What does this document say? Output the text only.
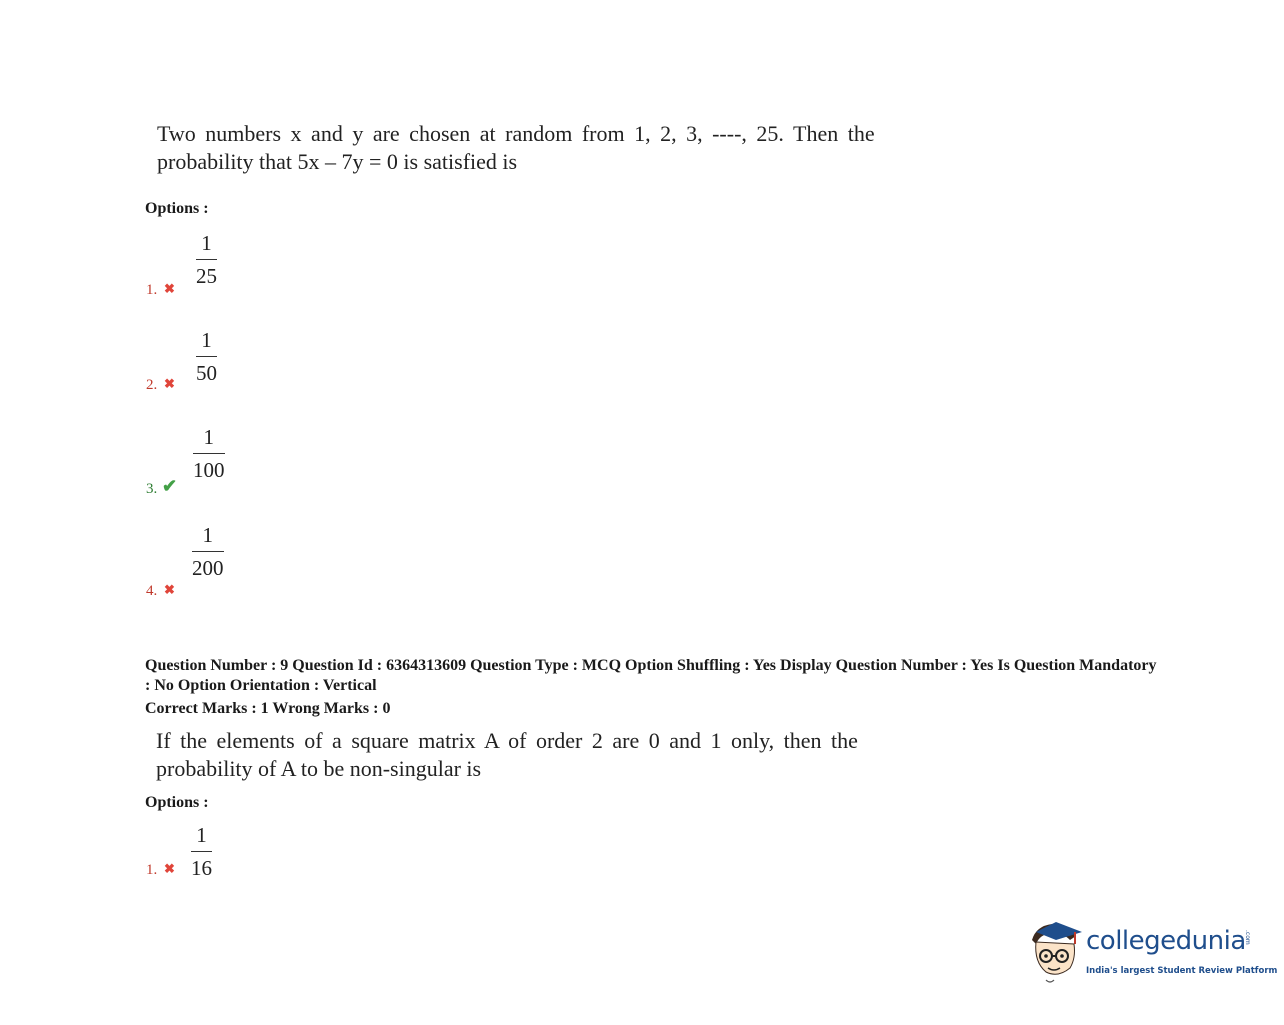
Two numbers x and y are chosen at random from 1, 2, 3, ----, 25. Then the
probability that 5x – 7y = 0 is satisfied is
Options :
1
25
1. ✖
1
50
2. ✖
1
100
3. ✔
1
200
4. ✖
Question Number : 9 Question Id : 6364313609 Question Type : MCQ Option Shuffling : Yes Display Question Number : Yes Is Question Mandatory : No Option Orientation : Vertical
Correct Marks : 1 Wrong Marks : 0
If the elements of a square matrix A of order 2 are 0 and 1 only, then the
probability of A to be non-singular is
Options :
1
16
1. ✖
collegedunia
.com
India's largest Student Review Platform
